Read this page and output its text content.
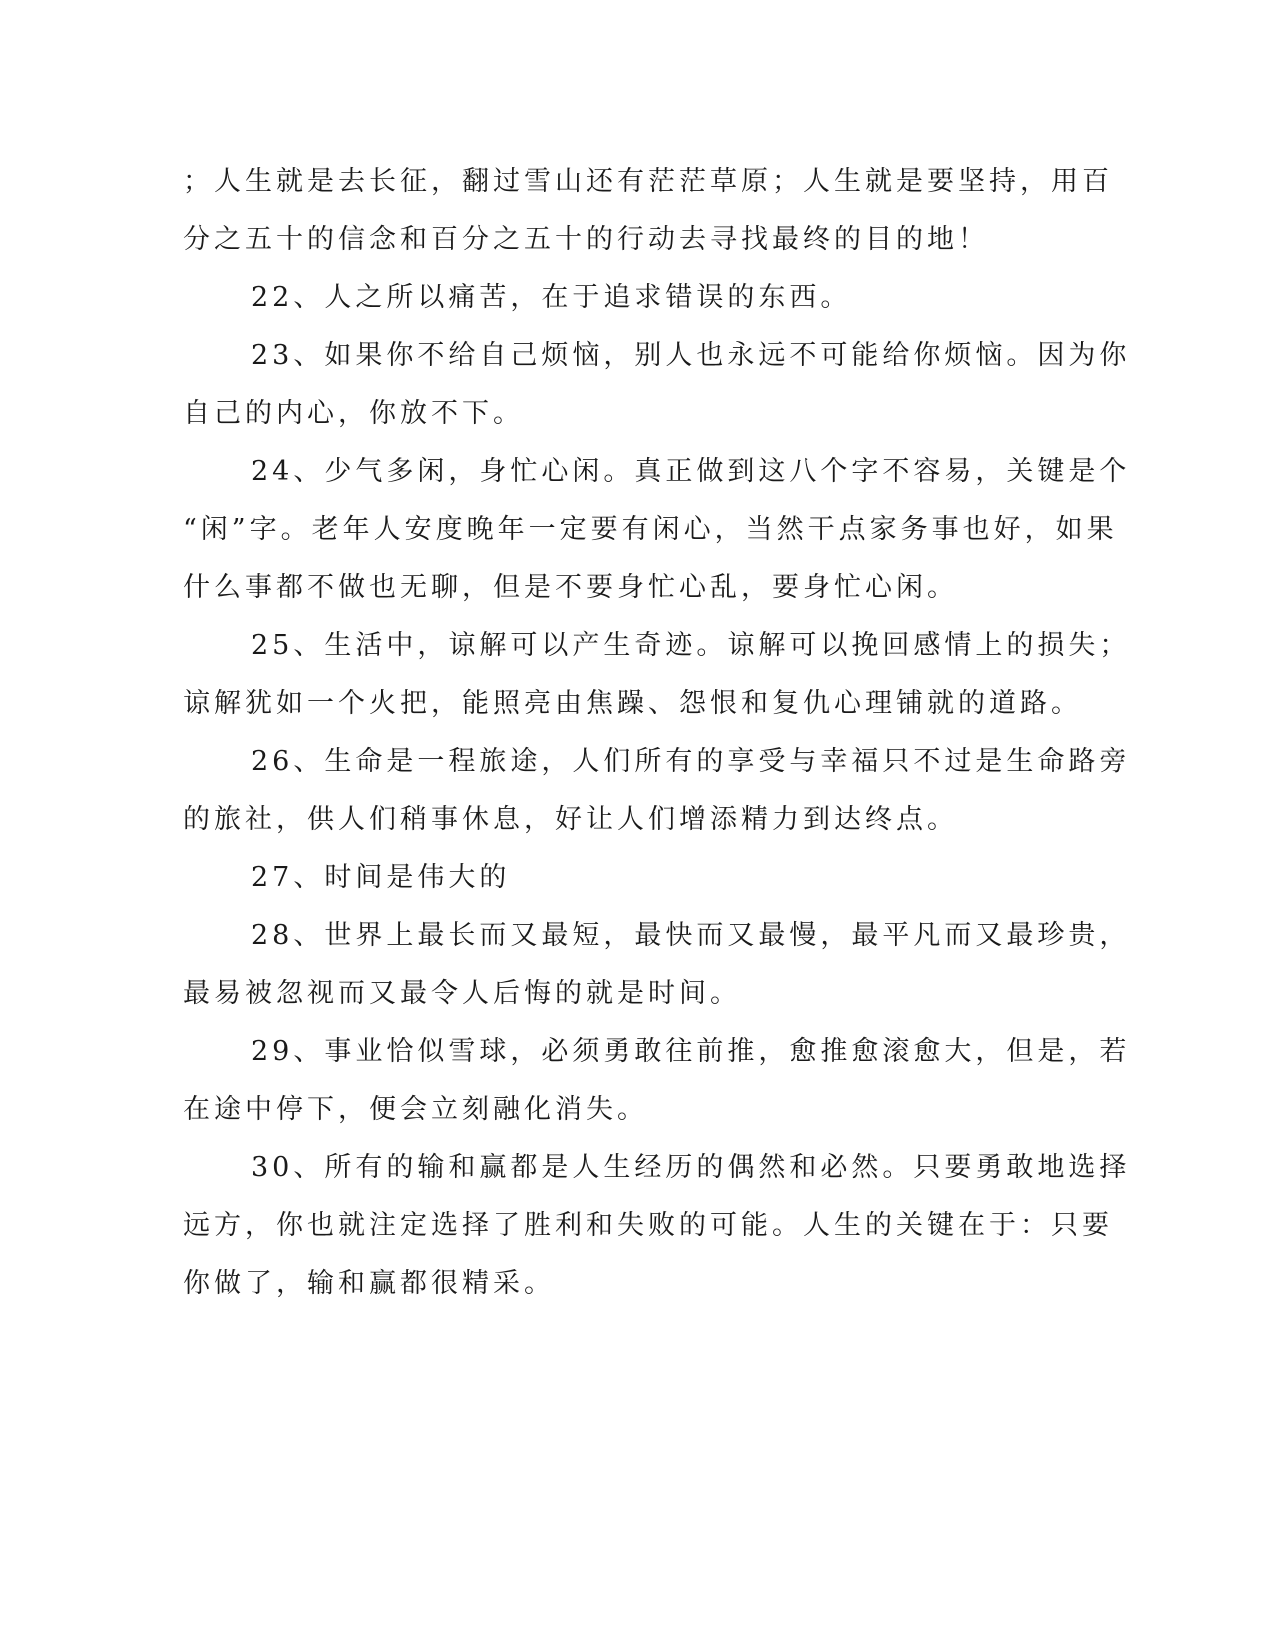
；人生就是去长征，翻过雪山还有茫茫草原；人生就是要坚持，用百
分之五十的信念和百分之五十的行动去寻找最终的目的地！
22、人之所以痛苦，在于追求错误的东西。
23、如果你不给自己烦恼，别人也永远不可能给你烦恼。因为你
自己的内心，你放不下。
24、少气多闲，身忙心闲。真正做到这八个字不容易，关键是个
“闲”字。老年人安度晚年一定要有闲心，当然干点家务事也好，如果
什么事都不做也无聊，但是不要身忙心乱，要身忙心闲。
25、生活中，谅解可以产生奇迹。谅解可以挽回感情上的损失；
谅解犹如一个火把，能照亮由焦躁、怨恨和复仇心理铺就的道路。
26、生命是一程旅途，人们所有的享受与幸福只不过是生命路旁
的旅社，供人们稍事休息，好让人们增添精力到达终点。
27、时间是伟大的
28、世界上最长而又最短，最快而又最慢，最平凡而又最珍贵，
最易被忽视而又最令人后悔的就是时间。
29、事业恰似雪球，必须勇敢往前推，愈推愈滚愈大，但是，若
在途中停下，便会立刻融化消失。
30、所有的输和赢都是人生经历的偶然和必然。只要勇敢地选择
远方，你也就注定选择了胜利和失败的可能。人生的关键在于：只要
你做了，输和赢都很精采。
